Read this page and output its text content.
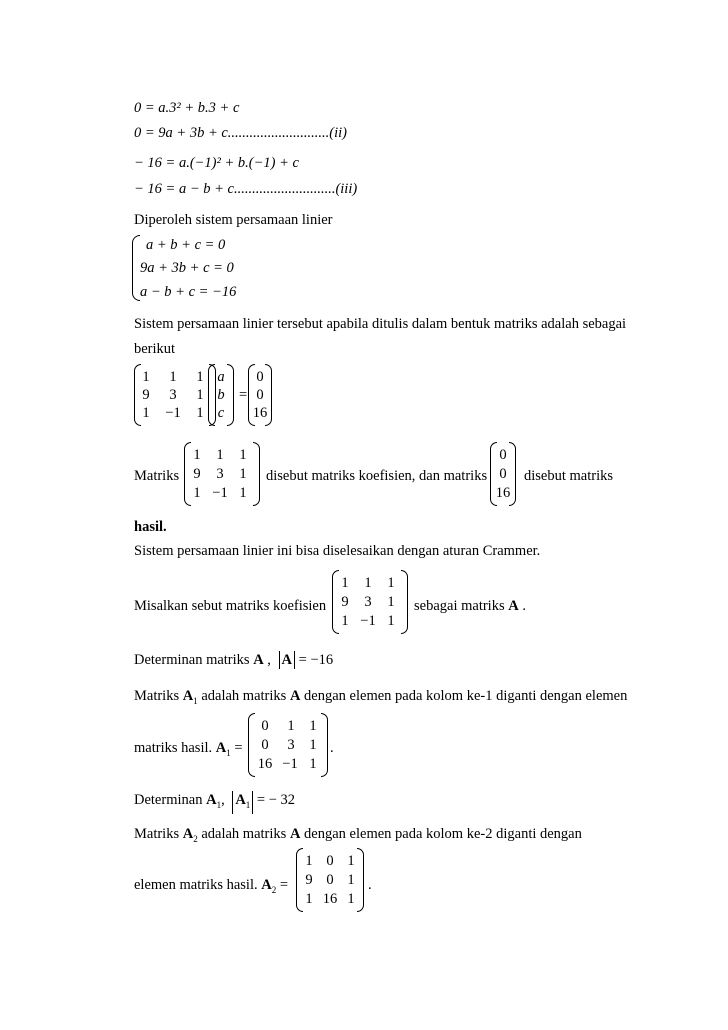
0 = a.3² + b.3 + c
0 = 9a + 3b + c............................(ii)
− 16 = a.(−1)² + b.(−1) + c
− 16 = a − b + c............................(iii)
Diperoleh sistem persamaan linier
a + b + c = 0
9a + 3b + c = 0
a − b + c = −16
Sistem persamaan linier tersebut apabila ditulis dalam bentuk matriks adalah sebagai
berikut
1	1	1
9	3	1
1	−1	1
a
b
c
=
0
0
16
Matriks
1	1	1
9	3	1
1 −1 1
disebut matriks koefisien, dan matriks
0
0
16
disebut matriks
hasil.
Sistem persamaan linier ini bisa diselesaikan dengan aturan Crammer.
Misalkan sebut matriks koefisien
1	1	1
9	3	1
1 −1 1
sebagai matriks A .
Determinan matriks A , A = −16
Matriks $A_1$ adalah matriks A dengan elemen pada kolom ke-1 diganti dengan elemen
matriks hasil. $A_1$ =
0	1	1
0	3	1
16 −1 1
.
Determinan $A_1$, $A_1$ = − 32
Matriks $A_2$ adalah matriks A dengan elemen pada kolom ke-2 diganti dengan
elemen matriks hasil. $A_2$ =
1 0 1
9 0 1
1 16 1
.
